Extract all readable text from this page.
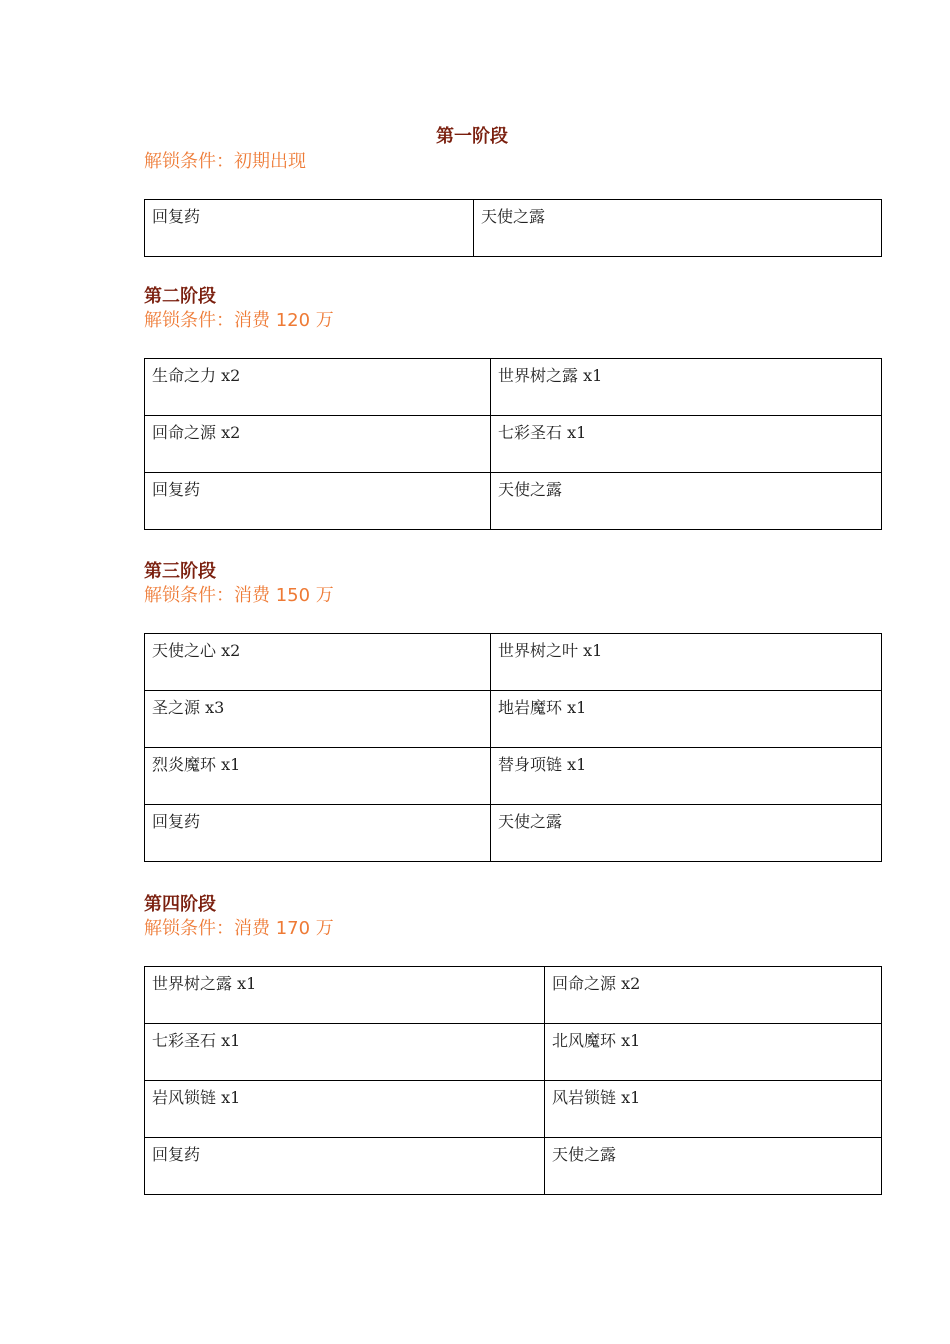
第一阶段
解锁条件：初期出现
回复药	天使之露
第二阶段
解锁条件：消费 120 万
生命之力 x2	世界树之露 x1
回命之源 x2	七彩圣石 x1
回复药	天使之露
第三阶段
解锁条件：消费 150 万
天使之心 x2	世界树之叶 x1
圣之源 x3	地岩魔环 x1
烈炎魔环 x1	替身项链 x1
回复药	天使之露
第四阶段
解锁条件：消费 170 万
世界树之露 x1	回命之源 x2
七彩圣石 x1	北风魔环 x1
岩风锁链 x1	风岩锁链 x1
回复药	天使之露
